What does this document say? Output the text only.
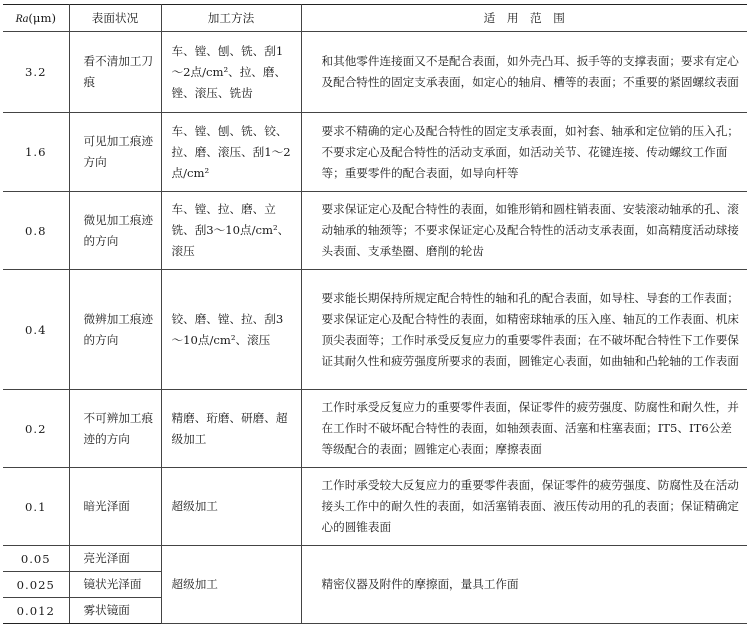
Ra(μm)	表面状况	加工方法	适　用　范　围
3.2	看不清加工刀痕	车、镗、刨、铣、刮1～2点/cm²、拉、磨、锉、滚压、铣齿	和其他零件连接面又不是配合表面，如外壳凸耳、扳手等的支撑表面；要求有定心及配合特性的固定支承表面，如定心的轴肩、槽等的表面；不重要的紧固螺纹表面
1.6	可见加工痕迹方向	车、镗、刨、铣、铰、拉、磨、滚压、刮1～2点/cm²	要求不精确的定心及配合特性的固定支承表面，如衬套、轴承和定位销的压入孔；不要求定心及配合特性的活动支承面，如活动关节、花键连接、传动螺纹工作面等；重要零件的配合表面，如导向杆等
0.8	微见加工痕迹的方向	车、镗、拉、磨、立铣、刮3～10点/cm²、滚压	要求保证定心及配合特性的表面，如锥形销和圆柱销表面、安装滚动轴承的孔、滚动轴承的轴颈等；不要求保证定心及配合特性的活动支承表面，如高精度活动球接头表面、支承垫圈、磨削的轮齿
0.4	微辨加工痕迹的方向	铰、磨、镗、拉、刮3～10点/cm²、滚压	要求能长期保持所规定配合特性的轴和孔的配合表面，如导柱、导套的工作表面；要求保证定心及配合特性的表面，如精密球轴承的压入座、轴瓦的工作表面、机床顶尖表面等；工作时承受反复应力的重要零件表面；在不破坏配合特性下工作要保证其耐久性和疲劳强度所要求的表面，圆锥定心表面，如曲轴和凸轮轴的工作表面
0.2	不可辨加工痕迹的方向	精磨、珩磨、研磨、超级加工	工作时承受反复应力的重要零件表面，保证零件的疲劳强度、防腐性和耐久性，并在工作时不破坏配合特性的表面，如轴颈表面、活塞和柱塞表面；IT5、IT6公差等级配合的表面；圆锥定心表面；摩擦表面
0.1	暗光泽面	超级加工	工作时承受较大反复应力的重要零件表面，保证零件的疲劳强度、防腐性及在活动接头工作中的耐久性的表面，如活塞销表面、液压传动用的孔的表面；保证精确定心的圆锥表面
0.05	亮光泽面	超级加工	精密仪器及附件的摩擦面，量具工作面
0.025	镜状光泽面		
0.012	雾状镜面		
